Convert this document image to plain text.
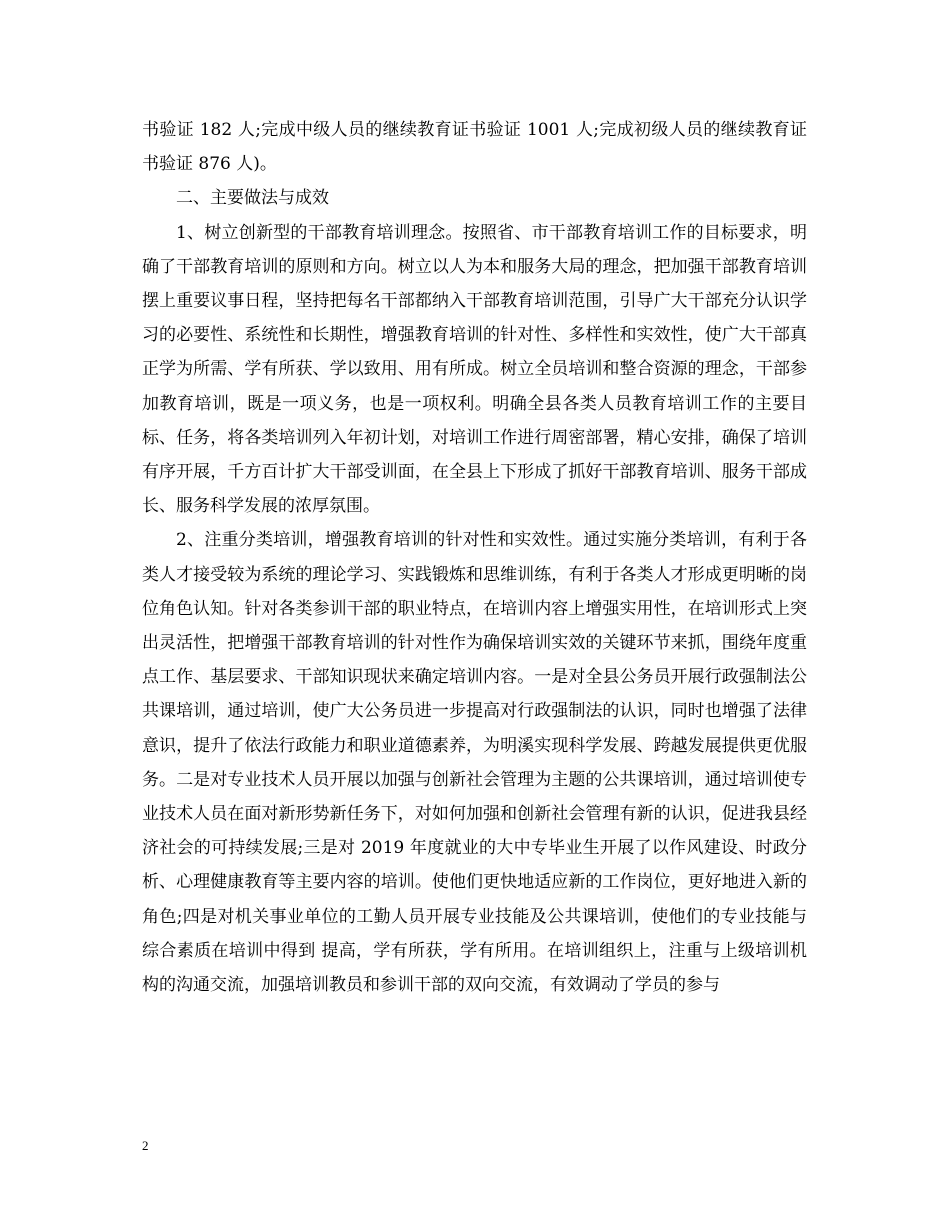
书验证 182 人;完成中级人员的继续教育证书验证 1001 人;完成初级人员的继续教育证书验证 876 人)。

二、主要做法与成效

1、树立创新型的干部教育培训理念。按照省、市干部教育培训工作的目标要求，明确了干部教育培训的原则和方向。树立以人为本和服务大局的理念，把加强干部教育培训摆上重要议事日程，坚持把每名干部都纳入干部教育培训范围，引导广大干部充分认识学习的必要性、系统性和长期性，增强教育培训的针对性、多样性和实效性，使广大干部真正学为所需、学有所获、学以致用、用有所成。树立全员培训和整合资源的理念，干部参加教育培训，既是一项义务，也是一项权利。明确全县各类人员教育培训工作的主要目标、任务，将各类培训列入年初计划，对培训工作进行周密部署，精心安排，确保了培训有序开展，千方百计扩大干部受训面，在全县上下形成了抓好干部教育培训、服务干部成长、服务科学发展的浓厚氛围。

2、注重分类培训，增强教育培训的针对性和实效性。通过实施分类培训，有利于各类人才接受较为系统的理论学习、实践锻炼和思维训练，有利于各类人才形成更明晰的岗位角色认知。针对各类参训干部的职业特点，在培训内容上增强实用性，在培训形式上突出灵活性，把增强干部教育培训的针对性作为确保培训实效的关键环节来抓，围绕年度重点工作、基层要求、干部知识现状来确定培训内容。一是对全县公务员开展行政强制法公共课培训，通过培训，使广大公务员进一步提高对行政强制法的认识，同时也增强了法律意识，提升了依法行政能力和职业道德素养，为明溪实现科学发展、跨越发展提供更优服务。二是对专业技术人员开展以加强与创新社会管理为主题的公共课培训，通过培训使专业技术人员在面对新形势新任务下，对如何加强和创新社会管理有新的认识，促进我县经济社会的可持续发展;三是对 2019 年度就业的大中专毕业生开展了以作风建设、时政分析、心理健康教育等主要内容的培训。使他们更快地适应新的工作岗位，更好地进入新的角色;四是对机关事业单位的工勤人员开展专业技能及公共课培训，使他们的专业技能与综合素质在培训中得到 提高，学有所获，学有所用。在培训组织上，注重与上级培训机构的沟通交流，加强培训教员和参训干部的双向交流，有效调动了学员的参与

2
